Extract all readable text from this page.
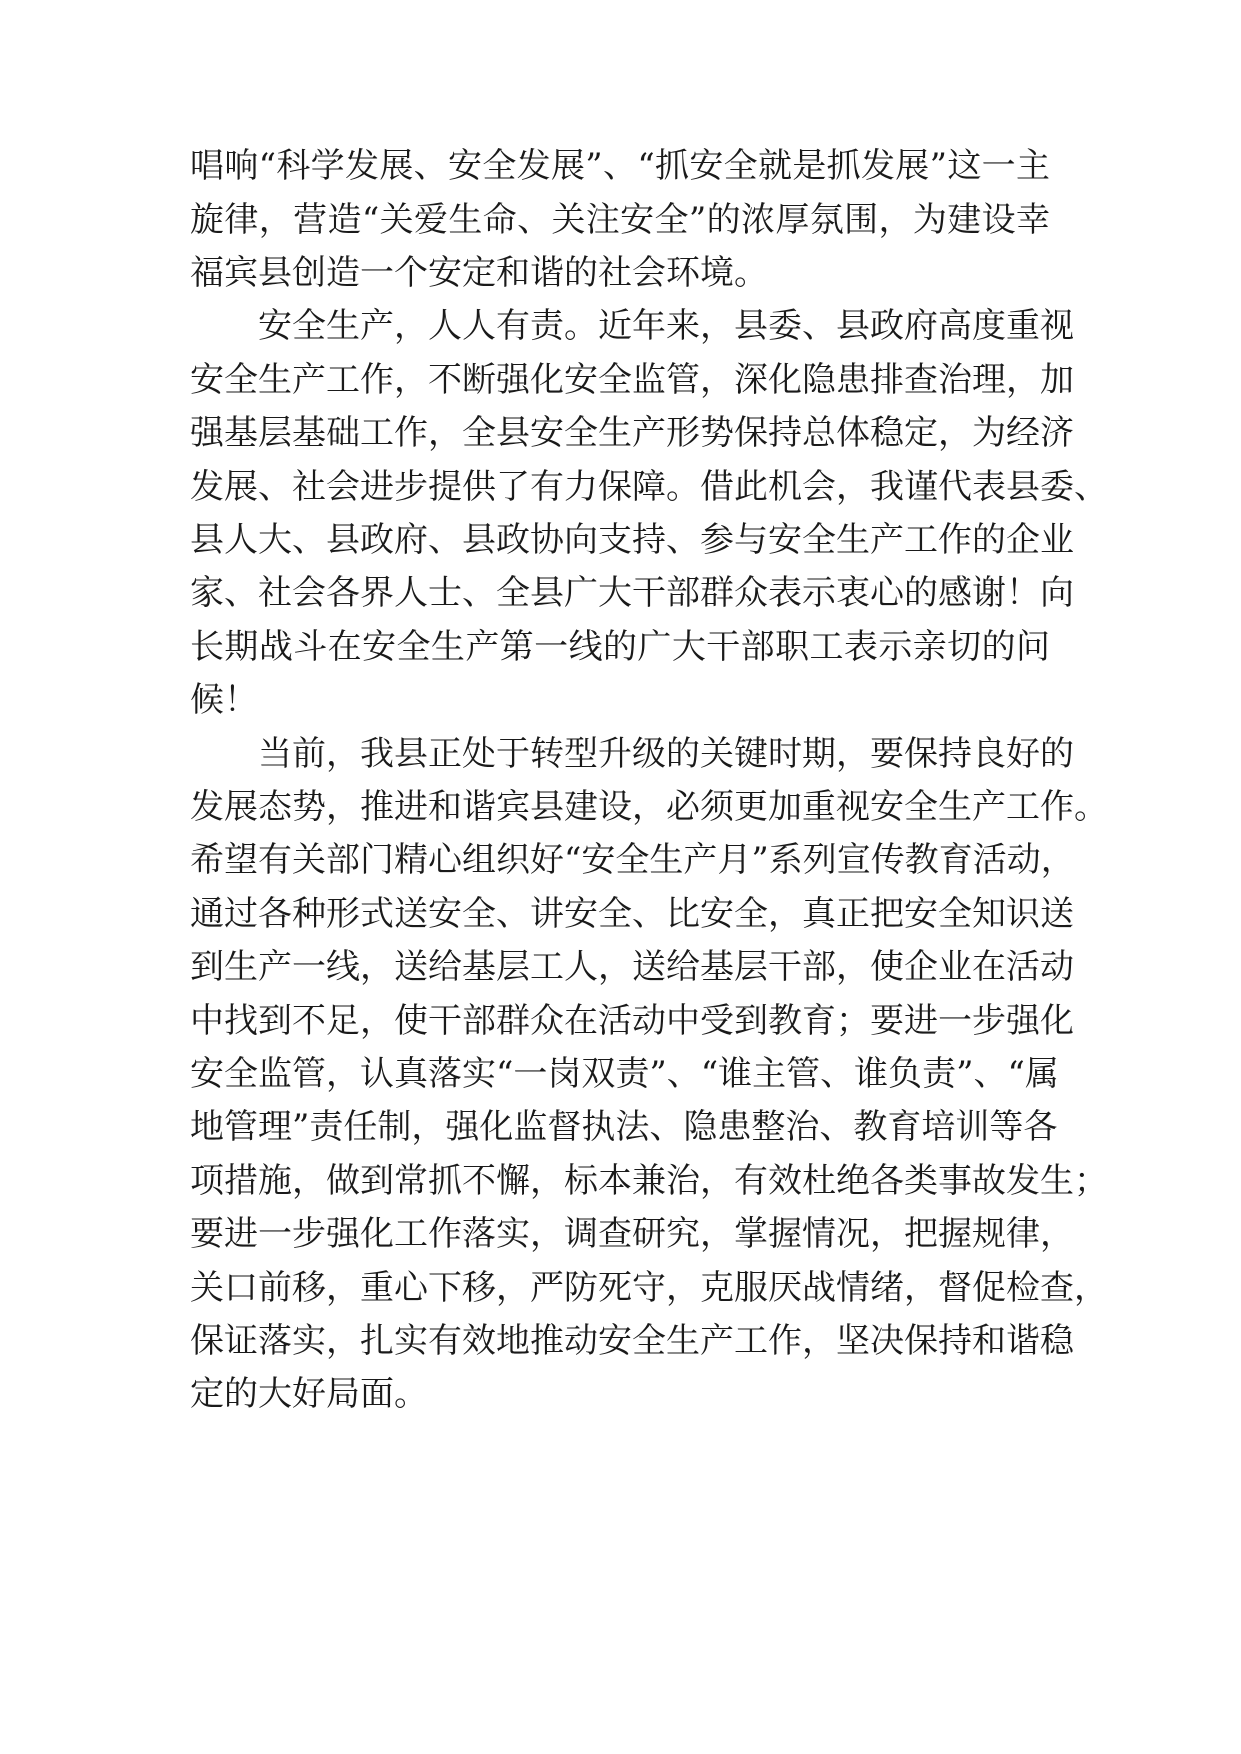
唱响“科学发展、安全发展”、“抓安全就是抓发展”这一主
旋律，营造“关爱生命、关注安全”的浓厚氛围，为建设幸
福宾县创造一个安定和谐的社会环境。
安全生产，人人有责。近年来，县委、县政府高度重视
安全生产工作，不断强化安全监管，深化隐患排查治理，加
强基层基础工作，全县安全生产形势保持总体稳定，为经济
发展、社会进步提供了有力保障。借此机会，我谨代表县委、
县人大、县政府、县政协向支持、参与安全生产工作的企业
家、社会各界人士、全县广大干部群众表示衷心的感谢！向
长期战斗在安全生产第一线的广大干部职工表示亲切的问
候！
当前，我县正处于转型升级的关键时期，要保持良好的
发展态势，推进和谐宾县建设，必须更加重视安全生产工作。
希望有关部门精心组织好“安全生产月”系列宣传教育活动，
通过各种形式送安全、讲安全、比安全，真正把安全知识送
到生产一线，送给基层工人，送给基层干部，使企业在活动
中找到不足，使干部群众在活动中受到教育；要进一步强化
安全监管，认真落实“一岗双责”、“谁主管、谁负责”、“属
地管理”责任制，强化监督执法、隐患整治、教育培训等各
项措施，做到常抓不懈，标本兼治，有效杜绝各类事故发生；
要进一步强化工作落实，调查研究，掌握情况，把握规律，
关口前移，重心下移，严防死守，克服厌战情绪，督促检查，
保证落实，扎实有效地推动安全生产工作，坚决保持和谐稳
定的大好局面。
